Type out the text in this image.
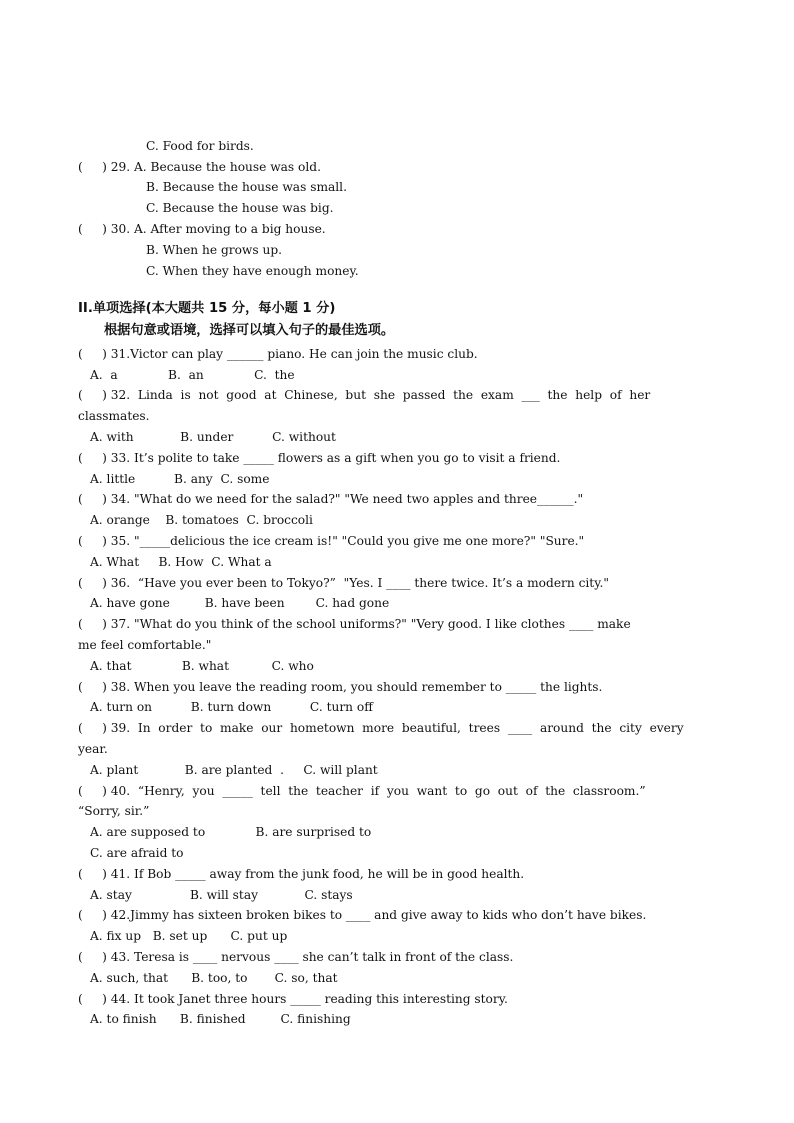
C. Food for birds.
(     ) 29. A. Because the house was old.
B. Because the house was small.
C. Because the house was big.
(     ) 30. A. After moving to a big house.
B. When he grows up.
C. When they have enough money.
II.单项选择(本大题共 15 分，每小题 1 分)
根据句意或语境，选择可以填入句子的最佳选项。
(     ) 31.Victor can play ______ piano. He can join the music club.
A.  a             B.  an             C.  the
(     ) 32.  Linda  is  not  good  at  Chinese,  but  she  passed  the  exam  ___  the  help  of  her
classmates.
A. with            B. under          C. without
(     ) 33. It’s polite to take _____ flowers as a gift when you go to visit a friend.
A. little          B. any  C. some
(     ) 34. "What do we need for the salad?" "We need two apples and three______."
A. orange    B. tomatoes  C. broccoli
(     ) 35. "_____delicious the ice cream is!" "Could you give me one more?" "Sure."
A. What     B. How  C. What a
(     ) 36.  “Have you ever been to Tokyo?”  "Yes. I ____ there twice. It’s a modern city."
A. have gone         B. have been        C. had gone
(     ) 37. "What do you think of the school uniforms?" "Very good. I like clothes ____ make
me feel comfortable."
A. that             B. what           C. who
(     ) 38. When you leave the reading room, you should remember to _____ the lights.
A. turn on          B. turn down          C. turn off
(     ) 39.  In  order  to  make  our  hometown  more  beautiful,  trees  ____  around  the  city  every
year.
A. plant            B. are planted  .     C. will plant
(     ) 40.  “Henry,  you  _____  tell  the  teacher  if  you  want  to  go  out  of  the  classroom.”
“Sorry, sir.”
A. are supposed to             B. are surprised to
C. are afraid to
(     ) 41. If Bob _____ away from the junk food, he will be in good health.
A. stay               B. will stay            C. stays
(     ) 42.Jimmy has sixteen broken bikes to ____ and give away to kids who don’t have bikes.
A. fix up   B. set up      C. put up
(     ) 43. Teresa is ____ nervous ____ she can’t talk in front of the class.
A. such, that      B. too, to       C. so, that
(     ) 44. It took Janet three hours _____ reading this interesting story.
A. to finish      B. finished         C. finishing
